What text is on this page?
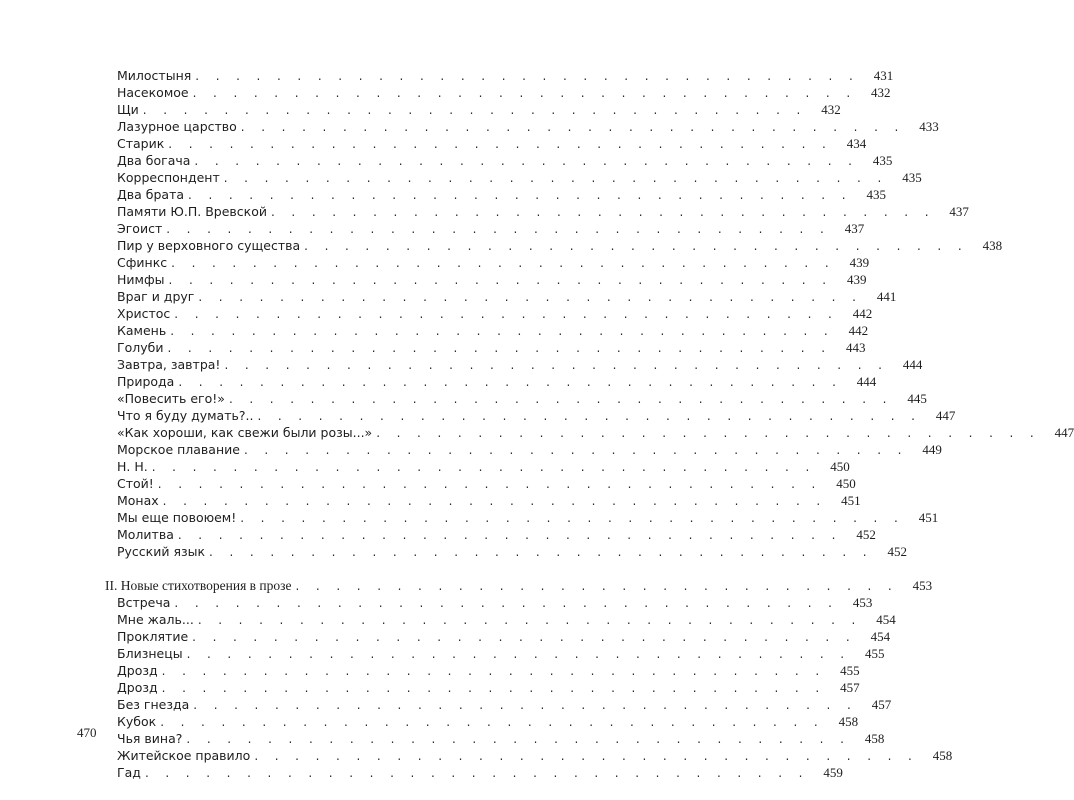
Милостыня . . . . . . . . . . . . . . . . . . . . . . . . . . . . . . . . .	431
Насекомое . . . . . . . . . . . . . . . . . . . . . . . . . . . . . . . . .	432
Щи . . . . . . . . . . . . . . . . . . . . . . . . . . . . . . . . .	432
Лазурное царство . . . . . . . . . . . . . . . . . . . . . . . . . . . . . . . . .	433
Старик . . . . . . . . . . . . . . . . . . . . . . . . . . . . . . . . .	434
Два богача . . . . . . . . . . . . . . . . . . . . . . . . . . . . . . . . .	435
Корреспондент . . . . . . . . . . . . . . . . . . . . . . . . . . . . . . . . .	435
Два брата . . . . . . . . . . . . . . . . . . . . . . . . . . . . . . . . .	435
Памяти Ю.П. Вревской . . . . . . . . . . . . . . . . . . . . . . . . . . . . . . . . .	437
Эгоист . . . . . . . . . . . . . . . . . . . . . . . . . . . . . . . . .	437
Пир у верховного существа . . . . . . . . . . . . . . . . . . . . . . . . . . . . . . . . .	438
Сфинкс . . . . . . . . . . . . . . . . . . . . . . . . . . . . . . . . .	439
Нимфы . . . . . . . . . . . . . . . . . . . . . . . . . . . . . . . . .	439
Враг и друг . . . . . . . . . . . . . . . . . . . . . . . . . . . . . . . . .	441
Христос . . . . . . . . . . . . . . . . . . . . . . . . . . . . . . . . .	442
Камень . . . . . . . . . . . . . . . . . . . . . . . . . . . . . . . . .	442
Голуби . . . . . . . . . . . . . . . . . . . . . . . . . . . . . . . . .	443
Завтра, завтра! . . . . . . . . . . . . . . . . . . . . . . . . . . . . . . . . .	444
Природа . . . . . . . . . . . . . . . . . . . . . . . . . . . . . . . . .	444
«Повесить его!» . . . . . . . . . . . . . . . . . . . . . . . . . . . . . . . . .	445
Что я буду думать?.. . . . . . . . . . . . . . . . . . . . . . . . . . . . . . . . . .	447
«Как хороши, как свежи были розы...» . . . . . . . . . . . . . . . . . . . . . . . . . . . . . . . . .	447
Морское плавание . . . . . . . . . . . . . . . . . . . . . . . . . . . . . . . . .	449
Н. Н. . . . . . . . . . . . . . . . . . . . . . . . . . . . . . . . . .	450
Стой! . . . . . . . . . . . . . . . . . . . . . . . . . . . . . . . . .	450
Монах . . . . . . . . . . . . . . . . . . . . . . . . . . . . . . . . .	451
Мы еще повоюем! . . . . . . . . . . . . . . . . . . . . . . . . . . . . . . . . .	451
Молитва . . . . . . . . . . . . . . . . . . . . . . . . . . . . . . . . .	452
Русский язык . . . . . . . . . . . . . . . . . . . . . . . . . . . . . . . . .	452
II. Новые стихотворения в прозе . . . . . . . . . . . . . . . . . . . . . . . . . . . . . .	453
Встреча . . . . . . . . . . . . . . . . . . . . . . . . . . . . . . . . .	453
Мне жаль... . . . . . . . . . . . . . . . . . . . . . . . . . . . . . . . . .	454
Проклятие . . . . . . . . . . . . . . . . . . . . . . . . . . . . . . . . .	454
Близнецы . . . . . . . . . . . . . . . . . . . . . . . . . . . . . . . . .	455
Дрозд . . . . . . . . . . . . . . . . . . . . . . . . . . . . . . . . .	455
Дрозд . . . . . . . . . . . . . . . . . . . . . . . . . . . . . . . . .	457
Без гнезда . . . . . . . . . . . . . . . . . . . . . . . . . . . . . . . . .	457
Кубок . . . . . . . . . . . . . . . . . . . . . . . . . . . . . . . . .	458
Чья вина? . . . . . . . . . . . . . . . . . . . . . . . . . . . . . . . . .	458
Житейское правило . . . . . . . . . . . . . . . . . . . . . . . . . . . . . . . . .	458
Гад . . . . . . . . . . . . . . . . . . . . . . . . . . . . . . . . .	459
470
